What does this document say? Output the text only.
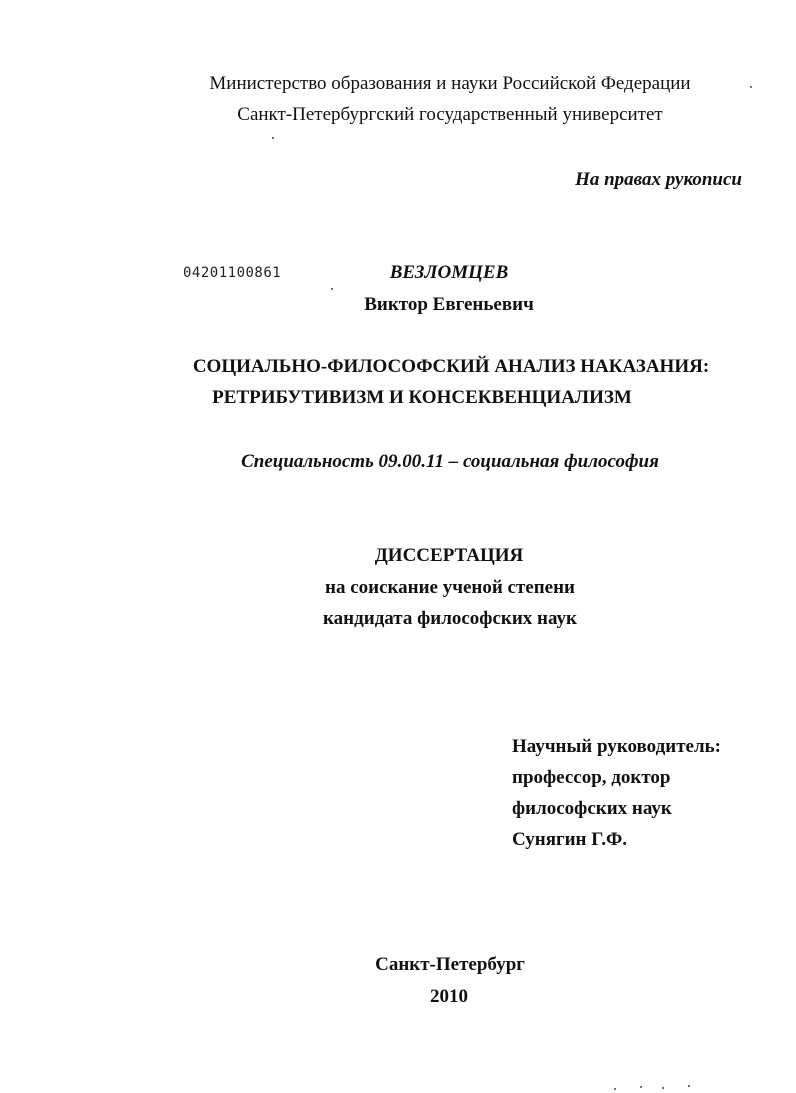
Министерство образования и науки Российской Федерации
Санкт-Петербургский государственный университет
На правах рукописи
04201100861	ВЕЗЛОМЦЕВ
Виктор Евгеньевич
СОЦИАЛЬНО-ФИЛОСОФСКИЙ АНАЛИЗ НАКАЗАНИЯ:
РЕТРИБУТИВИЗМ И КОНСЕКВЕНЦИАЛИЗМ
Специальность 09.00.11 – социальная философия
ДИССЕРТАЦИЯ
на соискание ученой степени
кандидата философских наук
Научный руководитель:
профессор, доктор
философских наук
Сунягин Г.Ф.
Санкт-Петербург
2010
